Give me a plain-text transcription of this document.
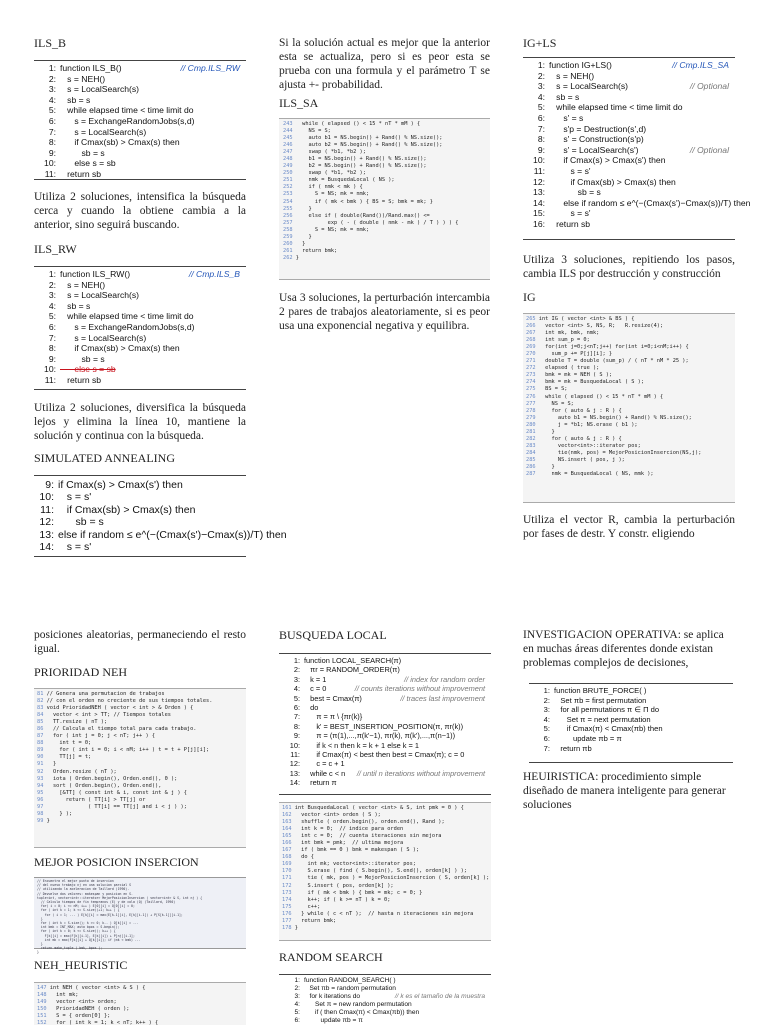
ILS_B

1: function ILS_B()	// Cmp.ILS_RW
2:   s = NEH()
3:   s = LocalSearch(s)
4:   sb = s
5:   while elapsed time < time limit do
6:      s = ExchangeRandomJobs(s,d)
7:      s = LocalSearch(s)
8:      if Cmax(sb) > Cmax(s) then
9:         sb = s
10:      else s = sb
11:   return sb

Utiliza 2 soluciones, intensifica la búsqueda cerca y cuando la obtiene cambia a la anterior, sino seguirá buscando.

ILS_RW

1: function ILS_RW()	// Cmp.ILS_B
2:   s = NEH()
3:   s = LocalSearch(s)
4:   sb = s
5:   while elapsed time < time limit do
6:      s = ExchangeRandomJobs(s,d)
7:      s = LocalSearch(s)
8:      if Cmax(sb) > Cmax(s) then
9:         sb = s
10:      else s = sb
11:   return sb

Utiliza 2 soluciones, diversifica la búsqueda lejos y elimina la línea 10, mantiene la solución y continua con la búsqueda.

SIMULATED ANNEALING

9: if Cmax(s) > Cmax(s') then
10:   s = s'
11:   if Cmax(sb) > Cmax(s) then
12:      sb = s
13: else if random ≤ e^(−(Cmax(s')−Cmax(s))/T) then
14:   s = s'

Si la solución actual es mejor que la anterior esta se actualiza, pero si es peor esta se prueba con una formula y el parámetro T se ajusta +- probabilidad.

ILS_SA

243   while ( elapsed () < 15 * nT * mM ) {
244     NS = S;
245     auto b1 = NS.begin() + Rand() % NS.size();
246     auto b2 = NS.begin() + Rand() % NS.size();
247     swap ( *b1, *b2 );
248     b1 = NS.begin() + Rand() % NS.size();
249     b2 = NS.begin() + Rand() % NS.size();
250     swap ( *b1, *b2 );
251     nmk = BusquedaLocal ( NS );
252     if ( nmk < mk ) {
253       S = NS; mk = nmk;
254       if ( mk < bmk ) { BS = S; bmk = mk; }
255     }
256     else if ( double(Rand())/Rand.max() <=
257           exp ( - ( double ( nmk - mk ) / T ) ) ) {
258       S = NS; mk = nmk;
259     }
260   }
261   return bmk;
262 }

Usa 3 soluciones, la perturbación intercambia 2 pares de trabajos aleatoriamente, si es peor usa una exponencial negativa y equilibra.

IG+LS

1: function IG+LS()	// Cmp.ILS_SA
2:   s = NEH()
3:   s = LocalSearch(s)	// Optional
4:   sb = s
5:   while elapsed time < time limit do
6:      s' = s
7:      s'p = Destruction(s',d)
8:      s' = Construction(s'p)
9:      s' = LocalSearch(s')	// Optional
10:      if Cmax(s) > Cmax(s') then
11:         s = s'
12:         if Cmax(sb) > Cmax(s) then
13:            sb = s
14:      else if random ≤ e^(−(Cmax(s')−Cmax(s))/T) then
15:         s = s'
16:   return sb

Utiliza 3 soluciones, repitiendo los pasos, cambia ILS por destrucción y construcción

IG

265 int IG ( vector <int> & BS ) {
266   vector <int> S, NS, R;   R.resize(4);
267   int mk, bmk, nmk;
268   int sum_p = 0;
269   for(int j=0;j<nT;j++) for(int i=0;i<nM;i++) {
270     sum_p += P[j][i]; }
271   double T = double (sum_p) / ( nT * nM * 25 );
272   elapsed ( true );
273   bmk = mk = NEH ( S );
274   bmk = mk = BusquedaLocal ( S );
275   BS = S;
276   while ( elapsed () < 15 * nT * mM ) {
277     NS = S;
278     for ( auto & j : R ) {
279       auto b1 = NS.begin() + Rand() % NS.size();
280       j = *b1; NS.erase ( b1 );
281     }
282     for ( auto & j : R ) {
283       vector<int>::iterator pos;
284       tie(nmk, pos) = MejorPosicionInsercion(NS,j);
285       NS.insert ( pos, j );
286     }
287     nmk = BusquedaLocal ( NS, mmk );

Utiliza el vector R, cambia la perturbación por fases de destr. Y constr. eligiendo

posiciones aleatorias, permaneciendo el resto igual.

PRIORIDAD NEH

81 // Genera una permutacion de trabajos
82 // con el orden no creciente de sus tiempos totales.
83 void PrioridadNEH ( vector < int > & Orden ) {
84   vector < int > TT; // Tiempos totales
85   TT.resize ( nT );
86   // Calcula el tiempo total para cada trabajo.
87   for ( int j = 0; j < nT; j++ ) {
88     int t = 0;
89     for ( int i = 0; i < nM; i++ ) t = t + P[j][i];
90     TT[j] = t;
91   }
92   Orden.resize ( nT );
93   iota ( Orden.begin(), Orden.end(), 0 );
94   sort ( Orden.begin(), Orden.end(),
95     [&TT] ( const int & i, const int & j ) {
96       return ( TT[i] > TT[j] or
97              ( TT[i] == TT[j] and i < j ) );
98     } );
99 }

MEJOR POSICION INSERCION

// Encuentra el mejor punto de insercion
// del nuevo trabajo nj en una solucion parcial S
// utilizando la aceleracion de Taillard (1990).
// Devuelve dos valores: makespan y posicion en S.
tuple<int, vector<int>::iterator> MejorPosicionInsercion ( vector<int> & S, int nj ) {
// Calcula tiempos de fin tempranos (E) y de cola (Q) (Taillard, 1990)
for( i = 0; i <= nM; i++ ) E[0][i] = Q[0][i] = 0;
for ( int k = 1; k <= S.size()+1; k++ ) {
for ( i = 1; ... ) E[k][i] = max(E[k-1][i], E[k][i-1]) + P[S[k-1]][i-1];
}
for ( int k = S.size(); k >= 0; k-- ) Q[k][i] = ...
int bmk = INT_MAX; auto bpos = S.begin();
for ( int k = 0; k <= S.size(); k++ ) {
F[k][i] = max(F[k][i-1], E[k][i]) + P[nj][i-1];
int mk = max(F[k][i] + Q[k][i]); if (mk < bmk) ...
}
return make_tuple ( bmk, bpos );
}

NEH_HEURISTIC

147 int NEH ( vector <int> & S ) {
148   int mk;
149   vector <int> orden;
150   PrioridadNEH ( orden );
151   S = { orden[0] };
152   for ( int k = 1; k < nT; k++ ) {

BUSQUEDA LOCAL

1: function LOCAL_SEARCH(π)
2:   πr = RANDOM_ORDER(π)
3:   k = 1	// index for random order
4:   c = 0	// counts iterations without improvement
5:   best = Cmax(π)	// traces last improvement
6:   do
7:      π = π \ {πr(k)}
8:      k' = BEST_INSERTION_POSITION(π, πr(k))
9:      π = (π(1),...,π(k'−1), πr(k), π(k'),...,π(n−1))
10:      if k < n then k = k + 1 else k = 1
11:      if Cmax(π) < best then best = Cmax(π); c = 0
12:      c = c + 1
13:   while c < n // until n iterations without improvement
14:   return π
161 int BusquedaLocal ( vector <int> & S, int pmk = 0 ) {
162   vector <int> orden ( S );
163   shuffle ( orden.begin(), orden.end(), Rand );
164   int k = 0;  // indice para orden
165   int c = 0;  // cuenta iteraciones sin mejora
166   int bmk = pmk;  // ultima mejora
167   if ( bmk == 0 ) bmk = makespan ( S );
168   do {
169     int mk; vector<int>::iterator pos;
170     S.erase ( find ( S.begin(), S.end(), orden[k] ) );
171     tie ( mk, pos ) = MejorPosicionInsercion ( S, orden[k] );
172     S.insert ( pos, orden[k] );
173     if ( mk < bmk ) { bmk = mk; c = 0; }
174     k++; if ( k >= nT ) k = 0;
175     c++;
176   } while ( c < nT );  // hasta n iteraciones sin mejora
177   return bmk;
178 }

RANDOM SEARCH

1: function RANDOM_SEARCH( )
2:   Set πb = random permutation
3:   for k iterations do	// k es el tamaño de la muestra
4:      Set π = new random permutation
5:      if ( then Cmax(π) < Cmax(πb)) then
6:         update πb = π

INVESTIGACION OPERATIVA: se aplica en muchas áreas diferentes donde existan problemas complejos de decisiones,

1: function BRUTE_FORCE( )
2:   Set πb = first permutation
3:   for all permutations π ∈ Π do
4:      Set π = next permutation
5:      if Cmax(π) < Cmax(πb) then
6:         update πb = π
7:   return πb

HEUIRISTICA: procedimiento simple diseñado de manera inteligente para generar soluciones
